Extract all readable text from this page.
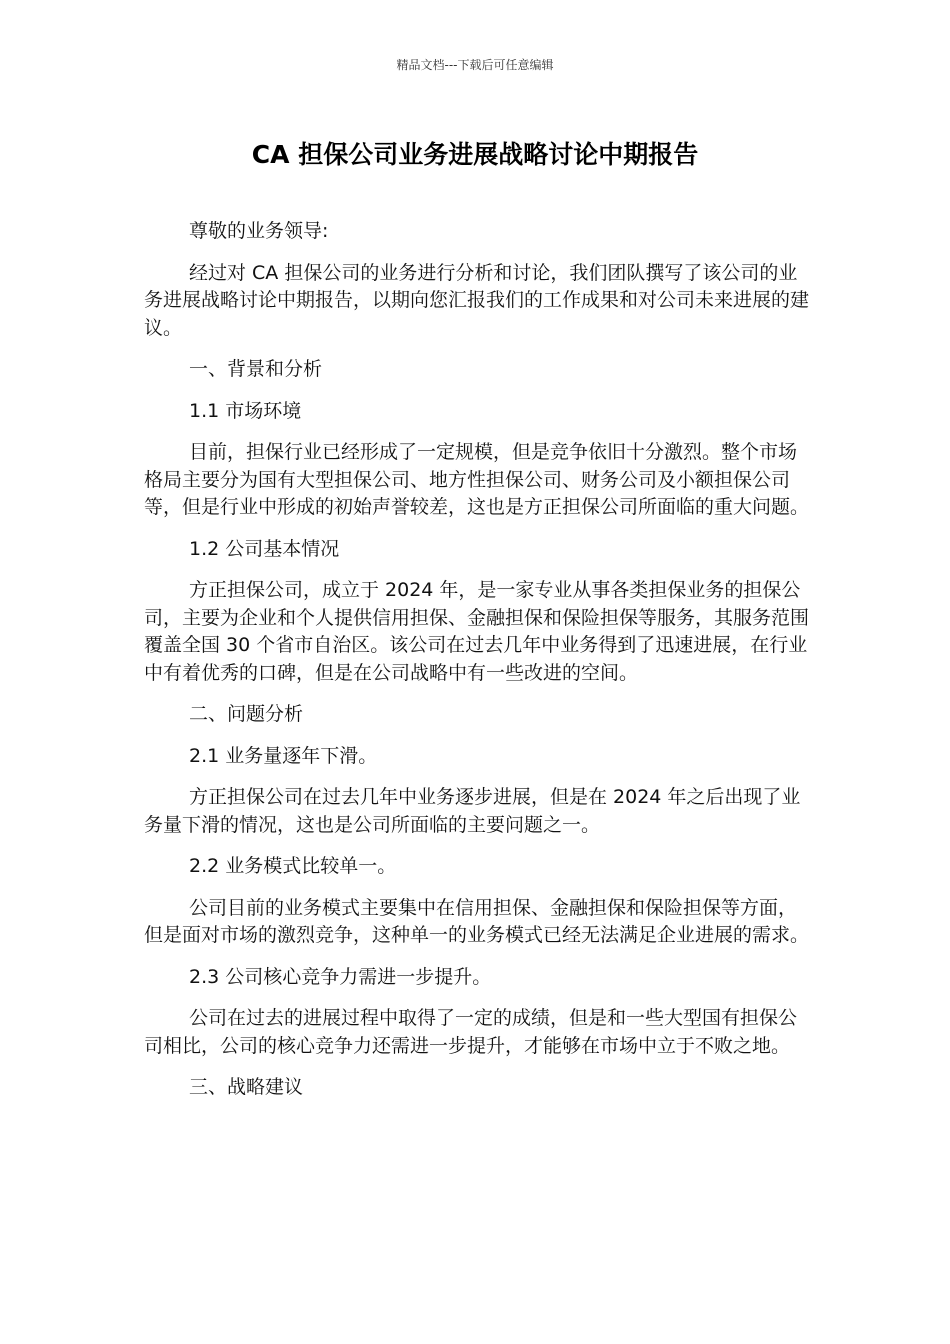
精品文档---下载后可任意编辑
CA 担保公司业务进展战略讨论中期报告

尊敬的业务领导:

经过对 CA 担保公司的业务进行分析和讨论，我们团队撰写了该公司的业务进展战略讨论中期报告，以期向您汇报我们的工作成果和对公司未来进展的建议。

一、背景和分析

1.1 市场环境

目前，担保行业已经形成了一定规模，但是竞争依旧十分激烈。整个市场格局主要分为国有大型担保公司、地方性担保公司、财务公司及小额担保公司等，但是行业中形成的初始声誉较差，这也是方正担保公司所面临的重大问题。

1.2 公司基本情况

方正担保公司，成立于 2024 年，是一家专业从事各类担保业务的担保公司，主要为企业和个人提供信用担保、金融担保和保险担保等服务，其服务范围覆盖全国 30 个省市自治区。该公司在过去几年中业务得到了迅速进展，在行业中有着优秀的口碑，但是在公司战略中有一些改进的空间。

二、问题分析

2.1 业务量逐年下滑。

方正担保公司在过去几年中业务逐步进展，但是在 2024 年之后出现了业务量下滑的情况，这也是公司所面临的主要问题之一。

2.2 业务模式比较单一。

公司目前的业务模式主要集中在信用担保、金融担保和保险担保等方面，但是面对市场的激烈竞争，这种单一的业务模式已经无法满足企业进展的需求。

2.3 公司核心竞争力需进一步提升。

公司在过去的进展过程中取得了一定的成绩，但是和一些大型国有担保公司相比，公司的核心竞争力还需进一步提升，才能够在市场中立于不败之地。

三、战略建议
